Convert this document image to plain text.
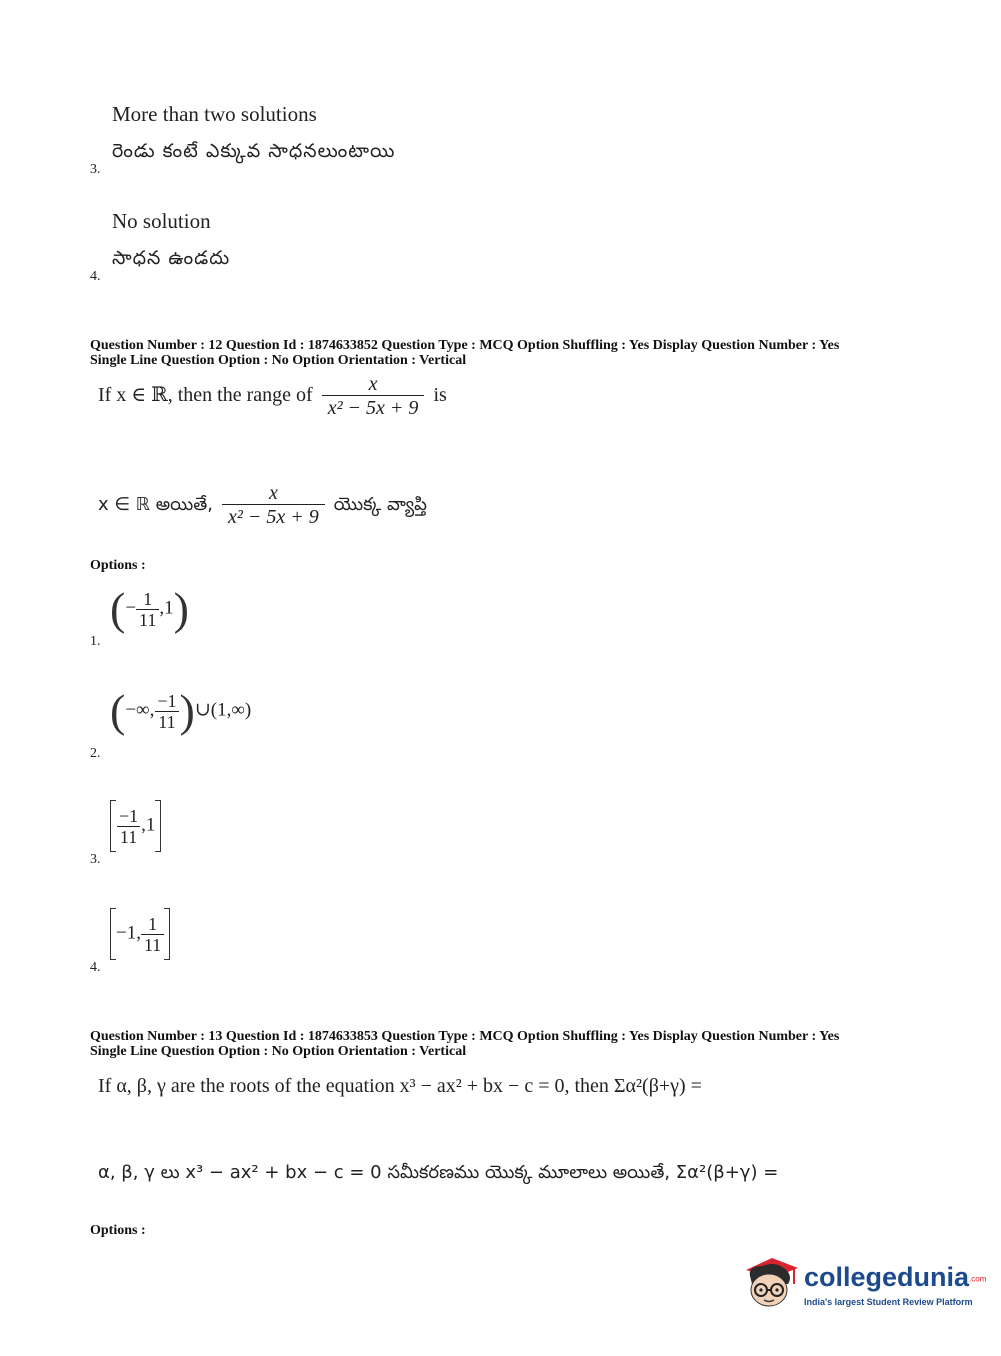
More than two solutions
రెండు కంటే ఎక్కువ సాధనలుంటాయి
3.
No solution
సాధన ఉండదు
4.
Question Number : 12 Question Id : 1874633852 Question Type : MCQ Option Shuffling : Yes Display Question Number : Yes
Single Line Question Option : No Option Orientation : Vertical
If x ∈ ℝ, then the range of $\frac{x}{\text{x² − 5x + 9}}$ is
x ∈ ℝ అయితే, $\frac{x}{\text{x² − 5x + 9}}$ యొక్క వ్యాప్తి
Options :
(− $\frac{1}{11} ,1$)
1.
(−∞, $\frac{-1}{11}$ )∪(1,∞)
2.
$\frac{-1}{11} ,1$
3.
−1, $\frac{1}{11}$
4.
Question Number : 13 Question Id : 1874633853 Question Type : MCQ Option Shuffling : Yes Display Question Number : Yes
Single Line Question Option : No Option Orientation : Vertical
If α, β, γ are the roots of the equation x³ − ax² + bx − c = 0, then Σα²(β+γ) =
α, β, γ లు x³ − ax² + bx − c = 0 సమీకరణము యొక్క మూలాలు అయితే, Σα²(β+γ) =
Options :
collegedunia.com
India's largest Student Review Platform
